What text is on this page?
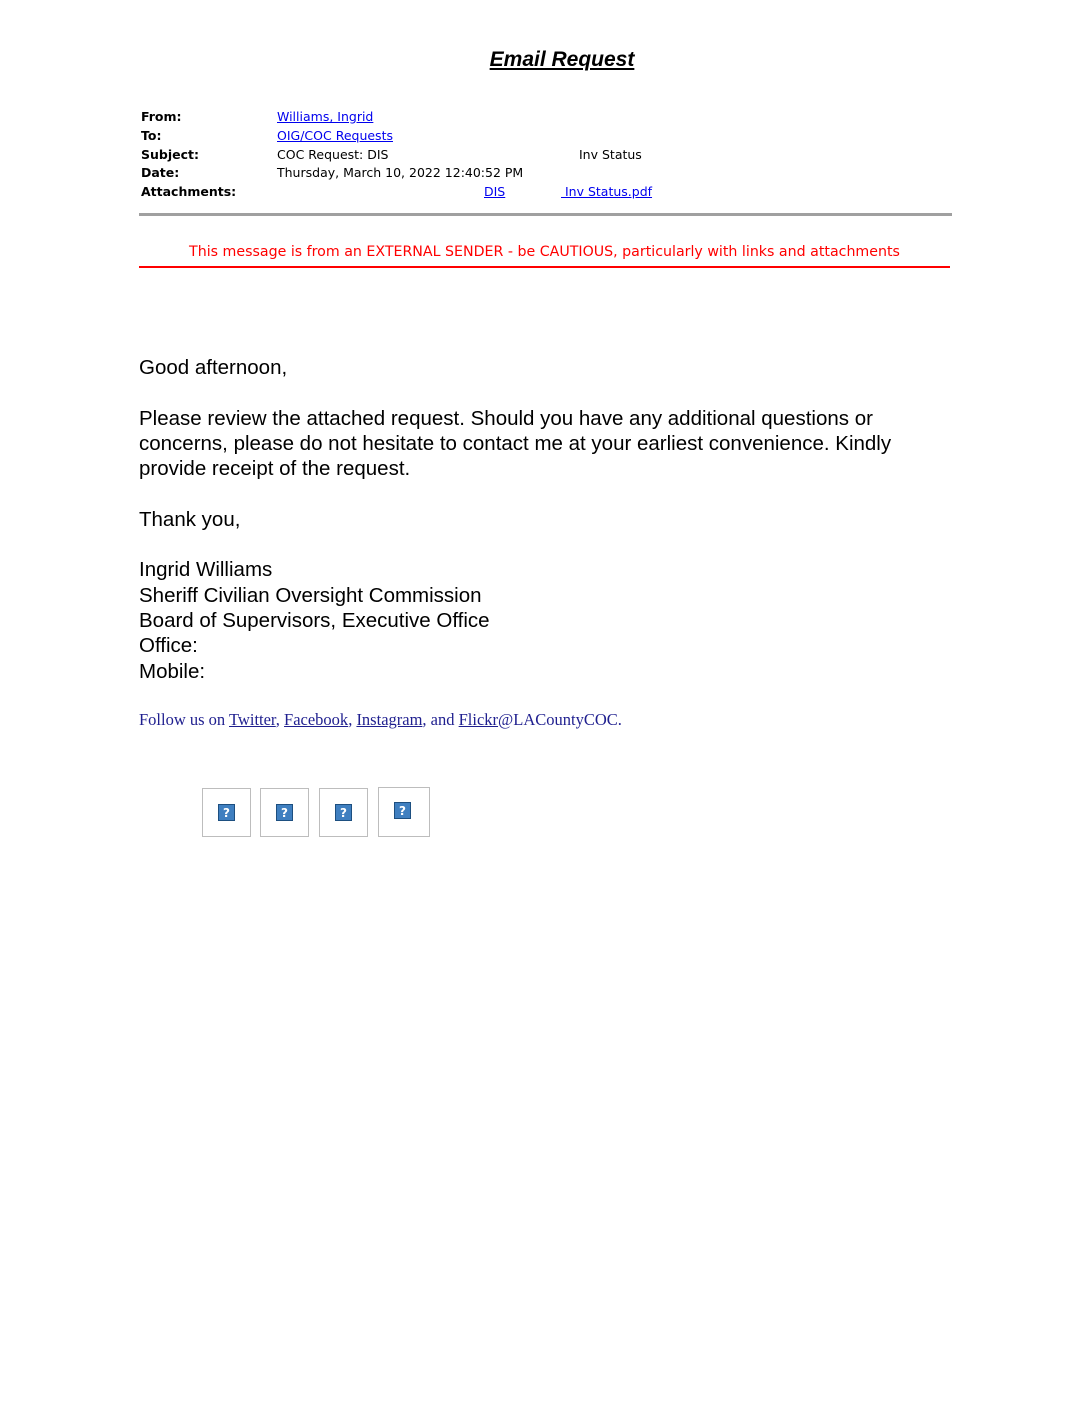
Email Request
From:	Williams, Ingrid
To:	OIG/COC Requests
Subject:	COC Request: DIS	Inv Status
Date:	Thursday, March 10, 2022 12:40:52 PM
Attachments:	DIS	Inv Status.pdf
This message is from an EXTERNAL SENDER - be CAUTIOUS, particularly with links and attachments

Good afternoon,

Please review the attached request. Should you have any additional questions or

concerns, please do not hesitate to contact me at your earliest convenience. Kindly

provide receipt of the request.

Thank you,

Ingrid Williams

Sheriff Civilian Oversight Commission

Board of Supervisors, Executive Office

Office:

Mobile:

Follow us on Twitter, Facebook, Instagram, and Flickr@LACountyCOC.
?	?	?	?
